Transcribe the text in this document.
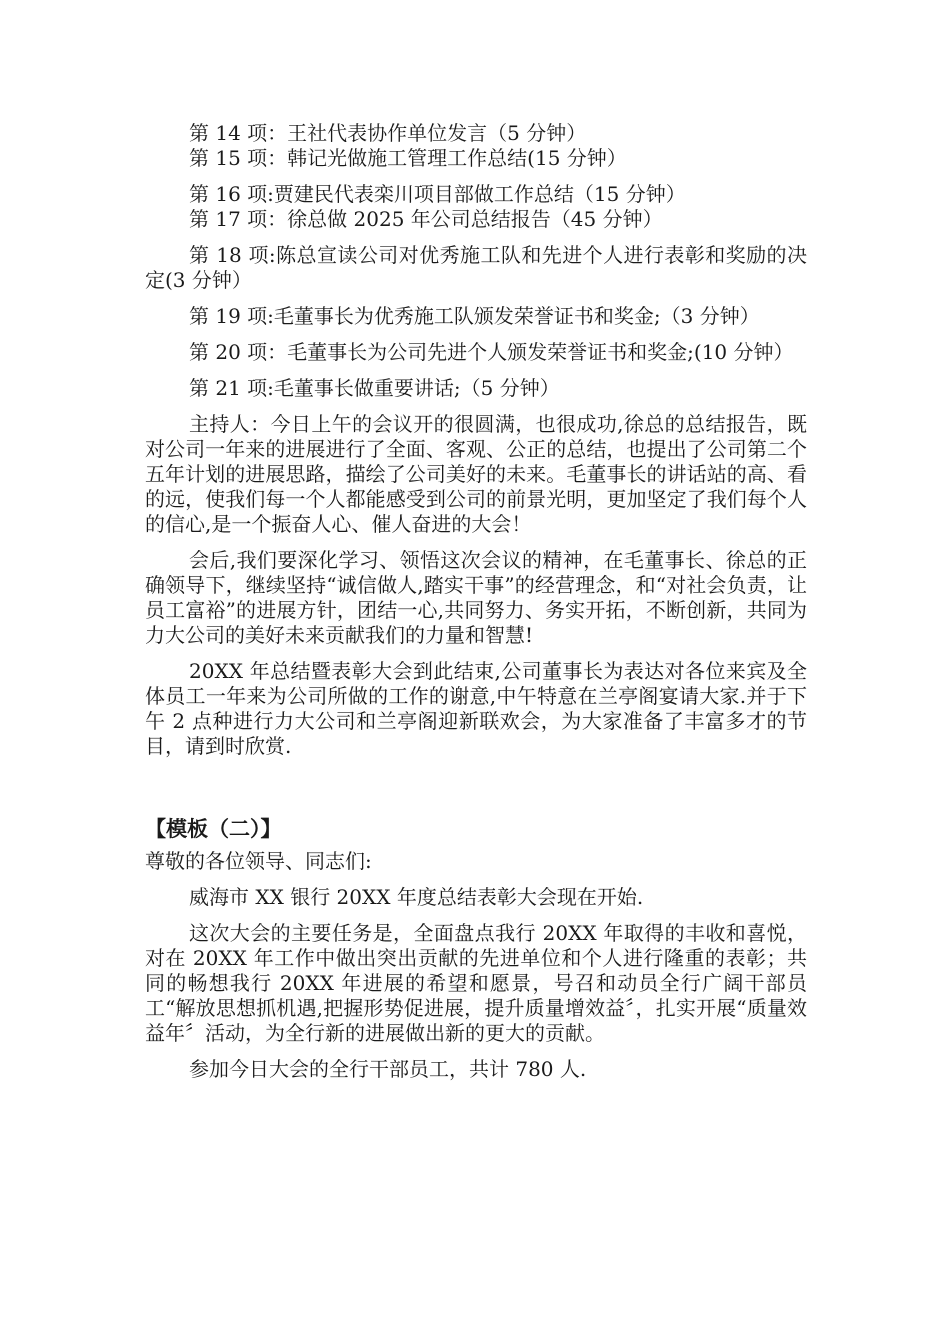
第 14 项：王社代表协作单位发言（5 分钟）

第 15 项：韩记光做施工管理工作总结(15 分钟）

第 16 项:贾建民代表栾川项目部做工作总结（15 分钟）

第 17 项：徐总做 2025 年公司总结报告（45 分钟）

第 18 项:陈总宣读公司对优秀施工队和先进个人进行表彰和奖励的决定(3 分钟）

第 19 项:毛董事长为优秀施工队颁发荣誉证书和奖金;（3 分钟）

第 20 项：毛董事长为公司先进个人颁发荣誉证书和奖金;(10 分钟）

第 21 项:毛董事长做重要讲话;（5 分钟）

主持人：今日上午的会议开的很圆满，也很成功,徐总的总结报告，既对公司一年来的进展进行了全面、客观、公正的总结，也提出了公司第二个五年计划的进展思路，描绘了公司美好的未来。毛董事长的讲话站的高、看的远，使我们每一个人都能感受到公司的前景光明，更加坚定了我们每个人的信心,是一个振奋人心、催人奋进的大会！

会后,我们要深化学习、领悟这次会议的精神，在毛董事长、徐总的正确领导下，继续坚持“诚信做人,踏实干事”的经营理念，和“对社会负责，让员工富裕”的进展方针，团结一心,共同努力、务实开拓，不断创新，共同为力大公司的美好未来贡献我们的力量和智慧!

20XX 年总结暨表彰大会到此结束,公司董事长为表达对各位来宾及全体员工一年来为公司所做的工作的谢意,中午特意在兰亭阁宴请大家.并于下午 2 点种进行力大公司和兰亭阁迎新联欢会，为大家准备了丰富多才的节目，请到时欣赏.

【模板（二）】

尊敬的各位领导、同志们:

威海市 XX 银行 20XX 年度总结表彰大会现在开始.

这次大会的主要任务是，全面盘点我行 20XX 年取得的丰收和喜悦，对在 20XX 年工作中做出突出贡献的先进单位和个人进行隆重的表彰；共同的畅想我行 20XX 年进展的希望和愿景，号召和动员全行广阔干部员工“解放思想抓机遇,把握形势促进展，提升质量增效益〞，扎实开展“质量效益年〞活动，为全行新的进展做出新的更大的贡献。

参加今日大会的全行干部员工，共计 780 人.
